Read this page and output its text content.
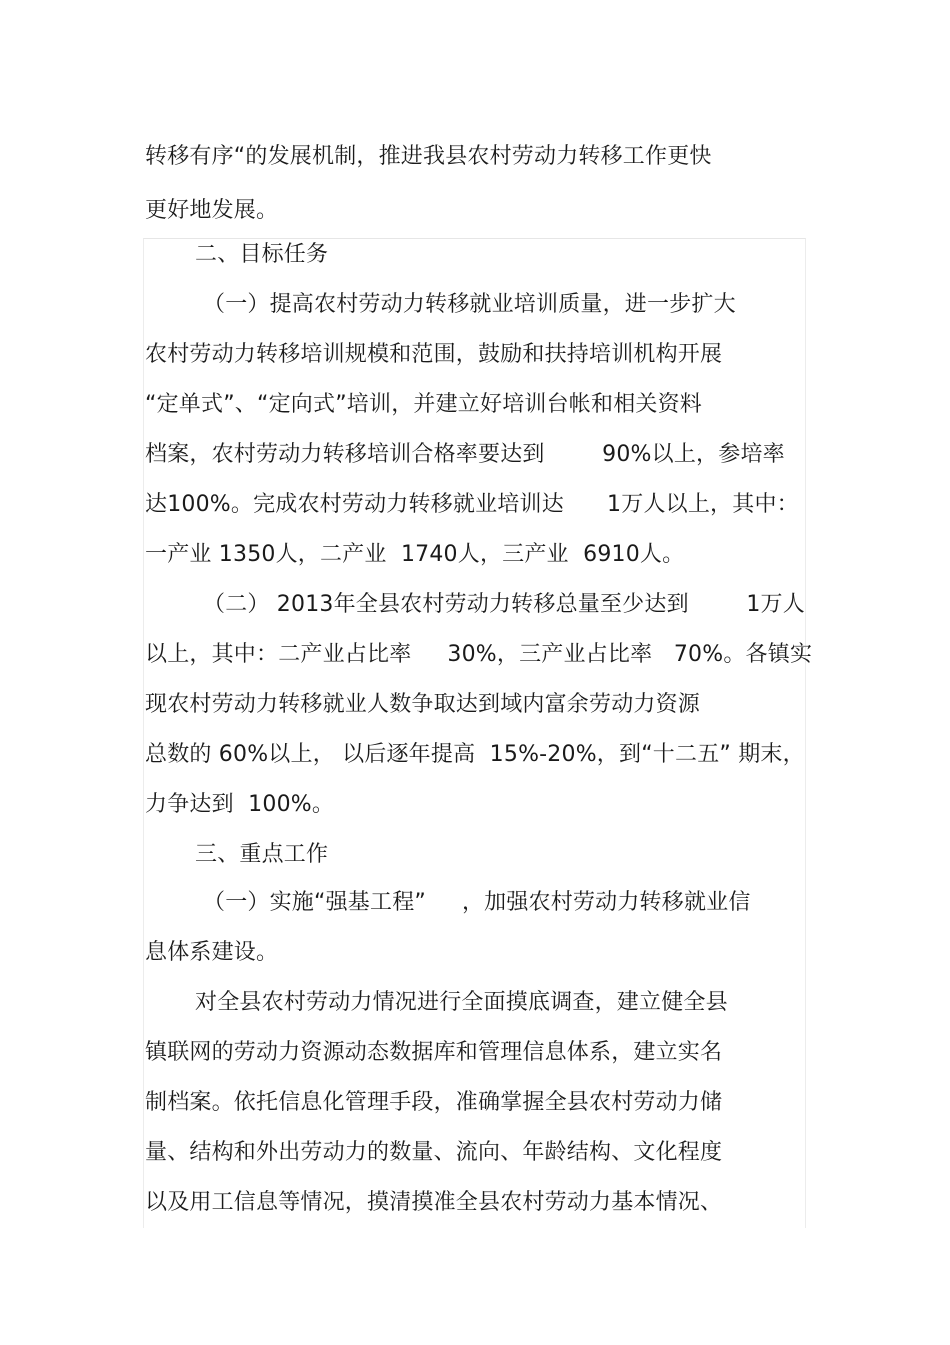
转移有序“的发展机制，推进我县农村劳动力转移工作更快
更好地发展。
二、目标任务
（一）提高农村劳动力转移就业培训质量，进一步扩大
农村劳动力转移培训规模和范围，鼓励和扶持培训机构开展
“定单式”、“定向式”培训，并建立好培训台帐和相关资料
档案，农村劳动力转移培训合格率要达到        90%以上，参培率
达100%。完成农村劳动力转移就业培训达      1万人以上，其中：
一产业 1350人，二产业  1740人，三产业  6910人。
（二） 2013年全县农村劳动力转移总量至少达到        1万人
以上，其中：二产业占比率     30%，三产业占比率   70%。各镇实
现农村劳动力转移就业人数争取达到域内富余劳动力资源
总数的 60%以上， 以后逐年提高  15%-20%，到“十二五” 期末，
力争达到  100%。
三、重点工作
（一）实施“强基工程”     ，加强农村劳动力转移就业信
息体系建设。
对全县农村劳动力情况进行全面摸底调查，建立健全县
镇联网的劳动力资源动态数据库和管理信息体系，建立实名
制档案。依托信息化管理手段，准确掌握全县农村劳动力储
量、结构和外出劳动力的数量、流向、年龄结构、文化程度
以及用工信息等情况，摸清摸准全县农村劳动力基本情况、
